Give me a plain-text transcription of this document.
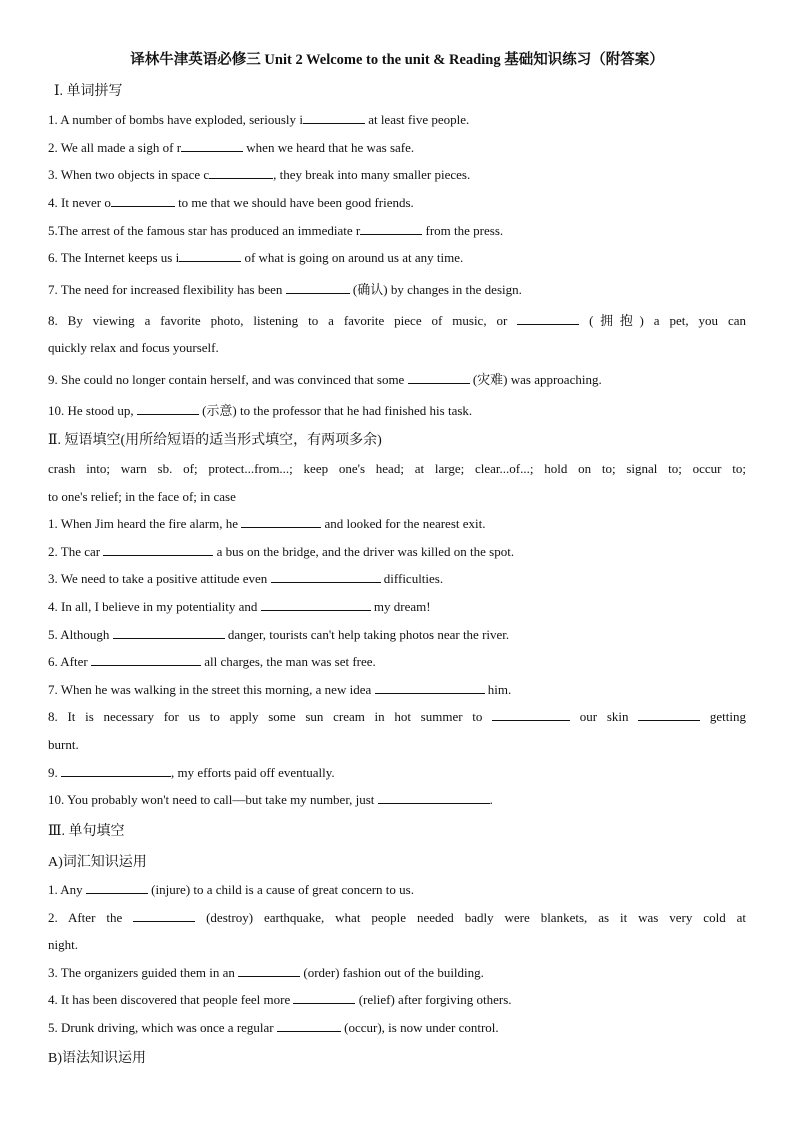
译林牛津英语必修三 Unit 2 Welcome to the unit & Reading 基础知识练习（附答案）
Ⅰ. 单词拼写
1. A number of bombs have exploded, seriously i	at least five people.
2. We all made a sigh of r	when we heard that he was safe.
3. When two objects in space c	, they break into many smaller pieces.
4. It never o	to me that we should have been good friends.
5.The arrest of the famous star has produced an immediate r	from the press.
6. The Internet keeps us i	of what is going on around us at any time.
7. The need for increased flexibility has been	(确认) by changes in the design.
8. By viewing a favorite photo, listening to a favorite piece of music, or	(拥抱) a pet, you can
quickly relax and focus yourself.
9. She could no longer contain herself, and was convinced that some	(灾难) was approaching.
10. He stood up,	(示意) to the professor that he had finished his task.
Ⅱ. 短语填空(用所给短语的适当形式填空，有两项多余)
crash into; warn sb. of; protect...from...; keep one's head; at large; clear...of...; hold on to; signal to; occur to;
to one's relief; in the face of; in case
1. When Jim heard the fire alarm, he	and looked for the nearest exit.
2. The car	a bus on the bridge, and the driver was killed on the spot.
3. We need to take a positive attitude even	difficulties.
4. In all, I believe in my potentiality and	my dream!
5. Although	danger, tourists can't help taking photos near the river.
6. After	all charges, the man was set free.
7. When he was walking in the street this morning, a new idea	him.
8. It is necessary for us to apply some sun cream in hot summer to	our skin	getting
burnt.
9.	, my efforts paid off eventually.
10. You probably won't need to call—but take my number, just	.
Ⅲ. 单句填空
A)词汇知识运用
1. Any	(injure) to a child is a cause of great concern to us.
2. After the	(destroy) earthquake, what people needed badly were blankets, as it was very cold at
night.
3. The organizers guided them in an	(order) fashion out of the building.
4. It has been discovered that people feel more	(relief) after forgiving others.
5. Drunk driving, which was once a regular	(occur), is now under control.
B)语法知识运用
